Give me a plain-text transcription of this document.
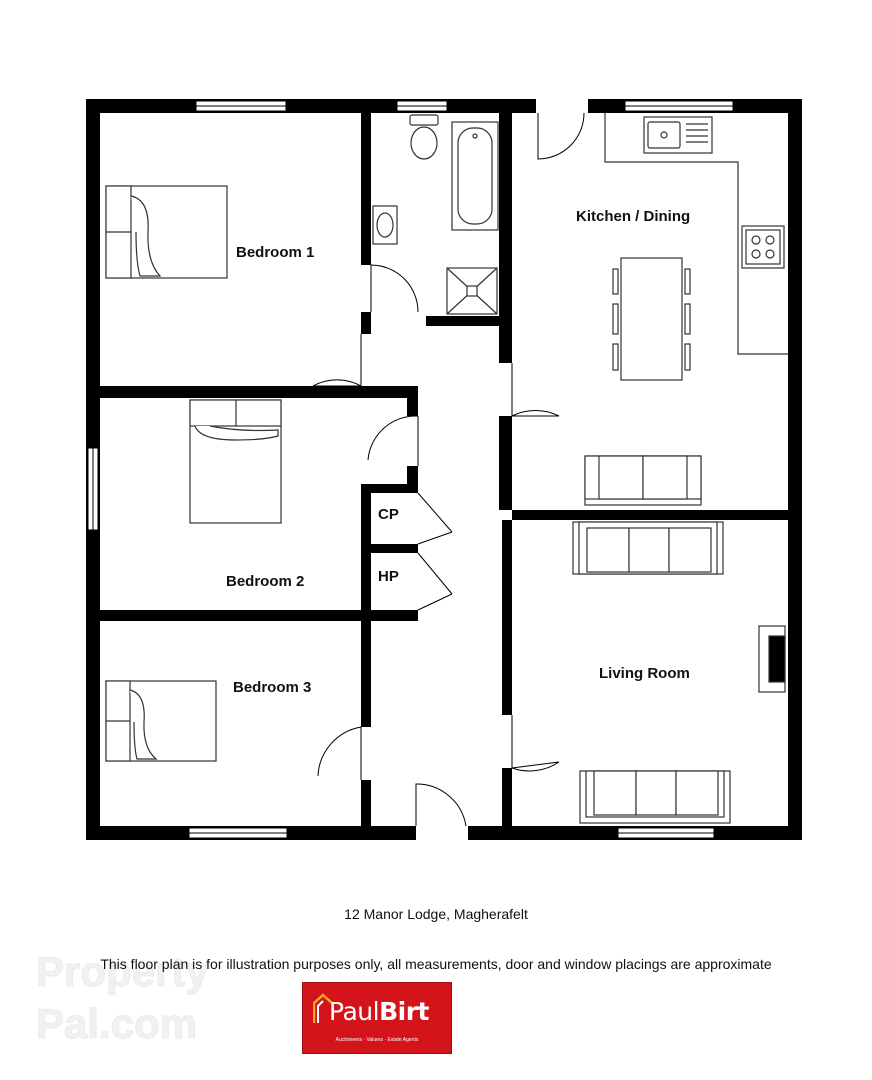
Bedroom 1
Kitchen / Dining
CP
HP
Bedroom 2
Living Room
Bedroom 3
Property
Pal.com
12 Manor Lodge, Magherafelt
This floor plan is for illustration purposes only, all measurements, door and window placings are approximate
PaulBirt
Auctioneers · Valuers · Estate Agents
